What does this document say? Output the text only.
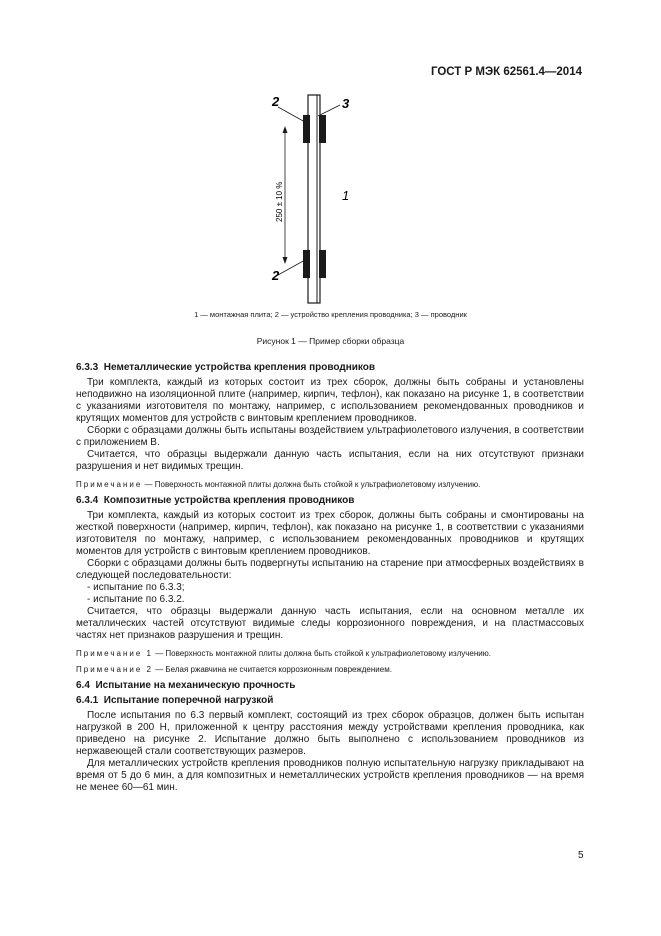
ГОСТ Р МЭК 62561.4—2014
2	3
1
2
250 ± 10 %
1 — монтажная плита; 2 — устройство крепления проводника; 3 — проводник
Рисунок 1 — Пример сборки образца
6.3.3  Неметаллические устройства крепления проводников

Три комплекта, каждый из которых состоит из трех сборок, должны быть собраны и установлены неподвижно на изоляционной плите (например, кирпич, тефлон), как показано на рисунке 1, в соответствии с указаниями изготовителя по монтажу, например, с использованием рекомендованных проводников и крутящих моментов для устройств с винтовым креплением проводников.

Сборки с образцами должны быть испытаны воздействием ультрафиолетового излучения, в соответствии с приложением В.

Считается, что образцы выдержали данную часть испытания, если на них отсутствуют признаки разрушения и нет видимых трещин.

Примечание — Поверхность монтажной плиты должна быть стойкой к ультрафиолетовому излучению.
6.3.4  Композитные устройства крепления проводников

Три комплекта, каждый из которых состоит из трех сборок, должны быть собраны и смонтированы на жесткой поверхности (например, кирпич, тефлон), как показано на рисунке 1, в соответствии с указаниями изготовителя по монтажу, например, с использованием рекомендованных проводников и крутящих моментов для устройств с винтовым креплением проводников.

Сборки с образцами должны быть подвергнуты испытанию на старение при атмосферных воздействиях в следующей последовательности:

- испытание по 6.3.3;

- испытание по 6.3.2.

Считается, что образцы выдержали данную часть испытания, если на основном металле их металлических частей отсутствуют видимые следы коррозионного повреждения, и на пластмассовых частях нет признаков разрушения и трещин.

Примечание 1 — Поверхность монтажной плиты должна быть стойкой к ультрафиолетовому излучению.
Примечание 2 — Белая ржавчина не считается коррозионным повреждением.
6.4  Испытание на механическую прочность
6.4.1  Испытание поперечной нагрузкой

После испытания по 6.3 первый комплект, состоящий из трех сборок образцов, должен быть испытан нагрузкой в 200 Н, приложенной к центру расстояния между устройствами крепления проводника, как приведено на рисунке 2. Испытание должно быть выполнено с использованием проводников из нержавеющей стали соответствующих размеров.

Для металлических устройств крепления проводников полную испытательную нагрузку прикладывают на время от 5 до 6 мин, а для композитных и неметаллических устройств крепления проводников — на время не менее 60—61 мин.

5
